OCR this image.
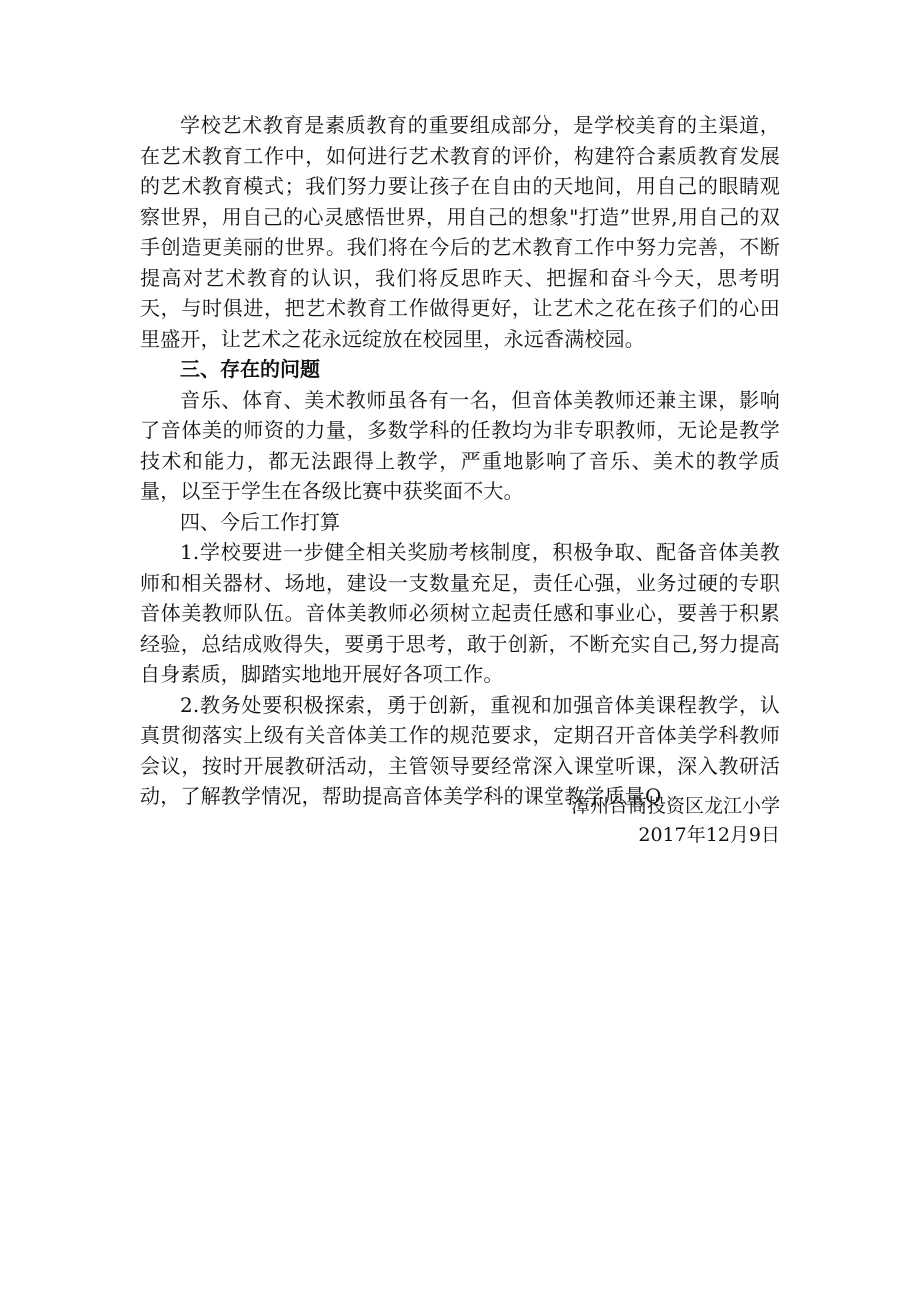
学校艺术教育是素质教育的重要组成部分，是学校美育的主渠道，在艺术教育工作中，如何进行艺术教育的评价，构建符合素质教育发展的艺术教育模式；我们努力要让孩子在自由的天地间，用自己的眼睛观察世界，用自己的心灵感悟世界，用自己的想象"打造”世界,用自己的双手创造更美丽的世界。我们将在今后的艺术教育工作中努力完善，不断提高对艺术教育的认识，我们将反思昨天、把握和奋斗今天，思考明天，与时俱进，把艺术教育工作做得更好，让艺术之花在孩子们的心田里盛开，让艺术之花永远绽放在校园里，永远香满校园。

三、存在的问题

音乐、体育、美术教师虽各有一名，但音体美教师还兼主课，影响了音体美的师资的力量，多数学科的任教均为非专职教师，无论是教学技术和能力，都无法跟得上教学，严重地影响了音乐、美术的教学质量，以至于学生在各级比赛中获奖面不大。

四、今后工作打算

1.学校要进一步健全相关奖励考核制度，积极争取、配备音体美教师和相关器材、场地，建设一支数量充足，责任心强，业务过硬的专职音体美教师队伍。音体美教师必须树立起责任感和事业心，要善于积累经验，总结成败得失，要勇于思考，敢于创新，不断充实自己,努力提高自身素质，脚踏实地地开展好各项工作。

2.教务处要积极探索，勇于创新，重视和加强音体美课程教学，认真贯彻落实上级有关音体美工作的规范要求，定期召开音体美学科教师会议，按时开展教研活动，主管领导要经常深入课堂听课，深入教研活动，了解教学情况，帮助提高音体美学科的课堂教学质量Q

漳州台商投资区龙江小学
2017年12月9日
